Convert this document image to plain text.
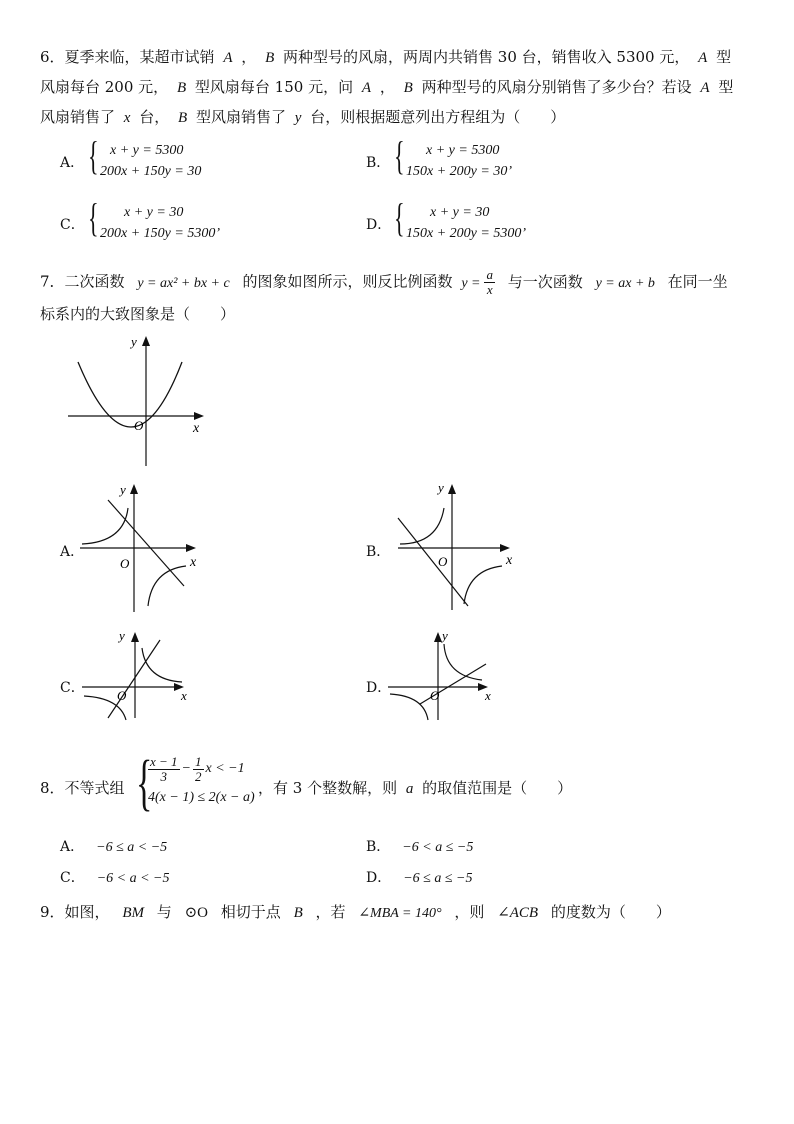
6．夏季来临，某超市试销 A ， B 两种型号的风扇，两周内共销售 30 台，销售收入 5300 元， A 型
风扇每台 200 元， B 型风扇每台 150 元，问 A ， B 两种型号的风扇分别销售了多少台？若设 A 型
风扇销售了 x 台， B 型风扇销售了 y 台，则根据题意列出方程组为（　　）
A． { x + y = 5300
200x + 150y = 30
B． {	x + y = 5300
150x + 200y = 30’
C． {	x + y = 30
200x + 150y = 5300’
D． {	x + y = 30
150x + 200y = 5300’
7．二次函数 y = ax² + bx + c 的图象如图所示，则反比例函数 $y = \frac{a}{x}$ 与一次函数 y = ax + b 在同一坐
标系内的大致图象是（　　）
x
y
O
A．
x
y
O
B．
x
y
O
C．	x
y
O	D．	x
y
O
8．不等式组 {
$\frac{x - 1}{3} - \frac{1}{2}$ x < −1
4(x − 1) ≤ 2(x − a)
，有 3 个整数解，则 a 的取值范围是（　　）
A． −6 ≤ a < −5	B． −6 < a ≤ −5
C． −6 < a < −5	D． −6 ≤ a ≤ −5
9．如图， BM 与 ⊙O 相切于点 B ，若 ∠MBA = 140° ，则 ∠ACB 的度数为（　　）
